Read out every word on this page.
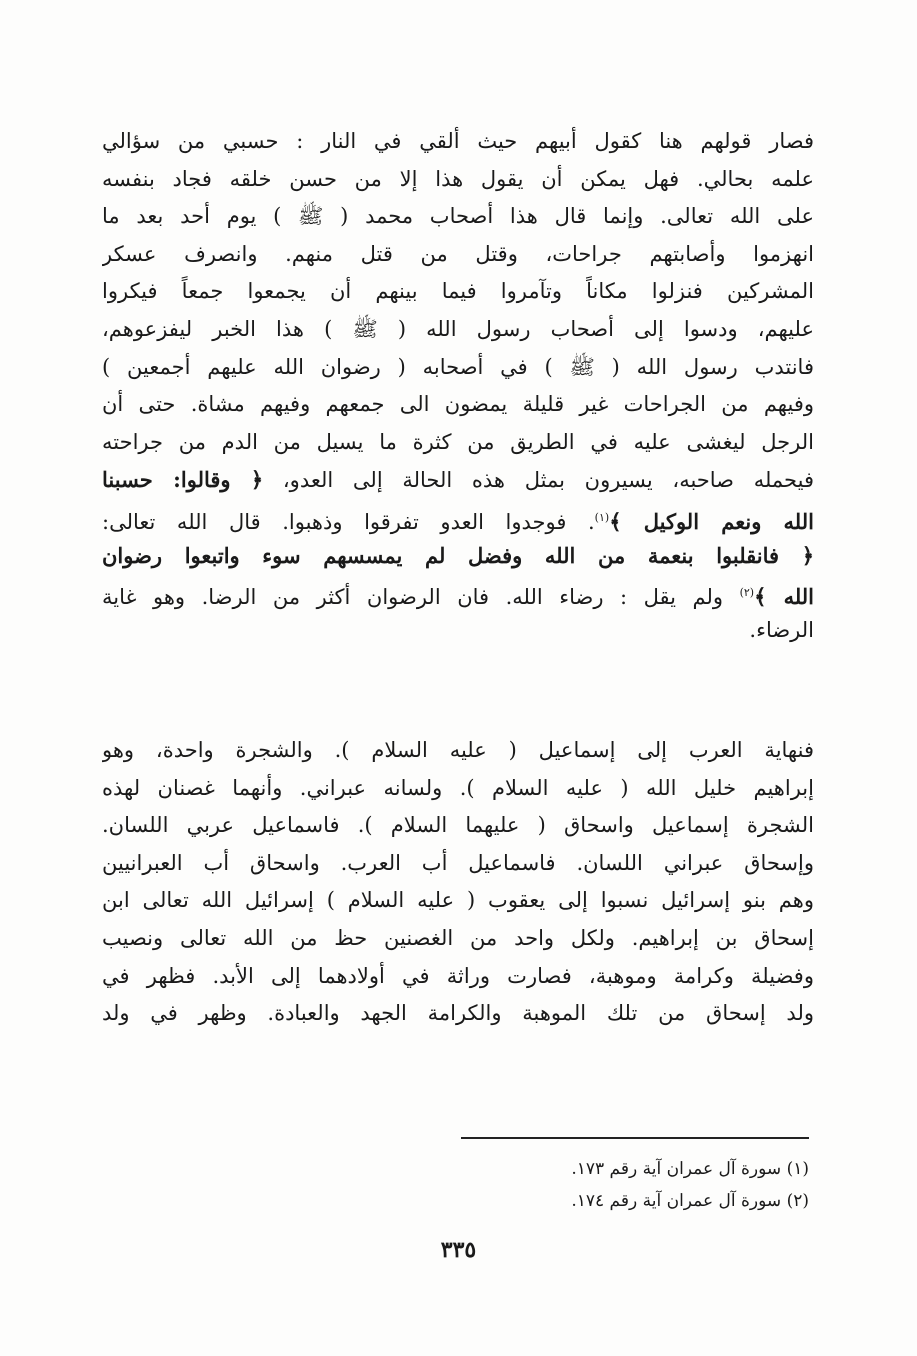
فصار قولهم هنا كقول أبيهم حيث ألقي في النار : حسبي من سؤالي
علمه بحالي. فهل يمكن أن يقول هذا إلا من حسن خلقه فجاد بنفسه
على الله تعالى. وإنما قال هذا أصحاب محمد ( ﷺ ) يوم أحد بعد ما
انهزموا وأصابتهم جراحات، وقتل من قتل منهم. وانصرف عسكر
المشركين فنزلوا مكاناً وتآمروا فيما بينهم أن يجمعوا جمعاً فيكروا
عليهم، ودسوا إلى أصحاب رسول الله ( ﷺ ) هذا الخبر ليفزعوهم،
فانتدب رسول الله ( ﷺ ) في أصحابه ( رضوان الله عليهم أجمعين )
وفيهم من الجراحات غير قليلة يمضون الى جمعهم وفيهم مشاة. حتى أن
الرجل ليغشى عليه في الطريق من كثرة ما يسيل من الدم من جراحته
فيحمله صاحبه، يسيرون بمثل هذه الحالة إلى العدو، ﴿ وقالوا: حسبنا
الله ونعم الوكيل ﴾$^{(١)}$. فوجدوا العدو تفرقوا وذهبوا. قال الله تعالى:
﴿ فانقلبوا بنعمة من الله وفضل لم يمسسهم سوء واتبعوا رضوان
الله ﴾$^{(٢)}$ ولم يقل : رضاء الله. فان الرضوان أكثر من الرضا. وهو غاية
الرضاء.
فنهاية العرب إلى إسماعيل ( عليه السلام ). والشجرة واحدة، وهو
إبراهيم خليل الله ( عليه السلام ). ولسانه عبراني. وأنهما غصنان لهذه
الشجرة إسماعيل واسحاق ( عليهما السلام ). فاسماعيل عربي اللسان.
وإسحاق عبراني اللسان. فاسماعيل أب العرب. واسحاق أب العبرانيين
وهم بنو إسرائيل نسبوا إلى يعقوب ( عليه السلام ) إسرائيل الله تعالى ابن
إسحاق بن إبراهيم. ولكل واحد من الغصنين حظ من الله تعالى ونصيب
وفضيلة وكرامة وموهبة، فصارت وراثة في أولادهما إلى الأبد. فظهر في
ولد إسحاق من تلك الموهبة والكرامة الجهد والعبادة. وظهر في ولد
(١) سورة آل عمران آية رقم ١٧٣.
(٢) سورة آل عمران آية رقم ١٧٤.
٣٣٥
